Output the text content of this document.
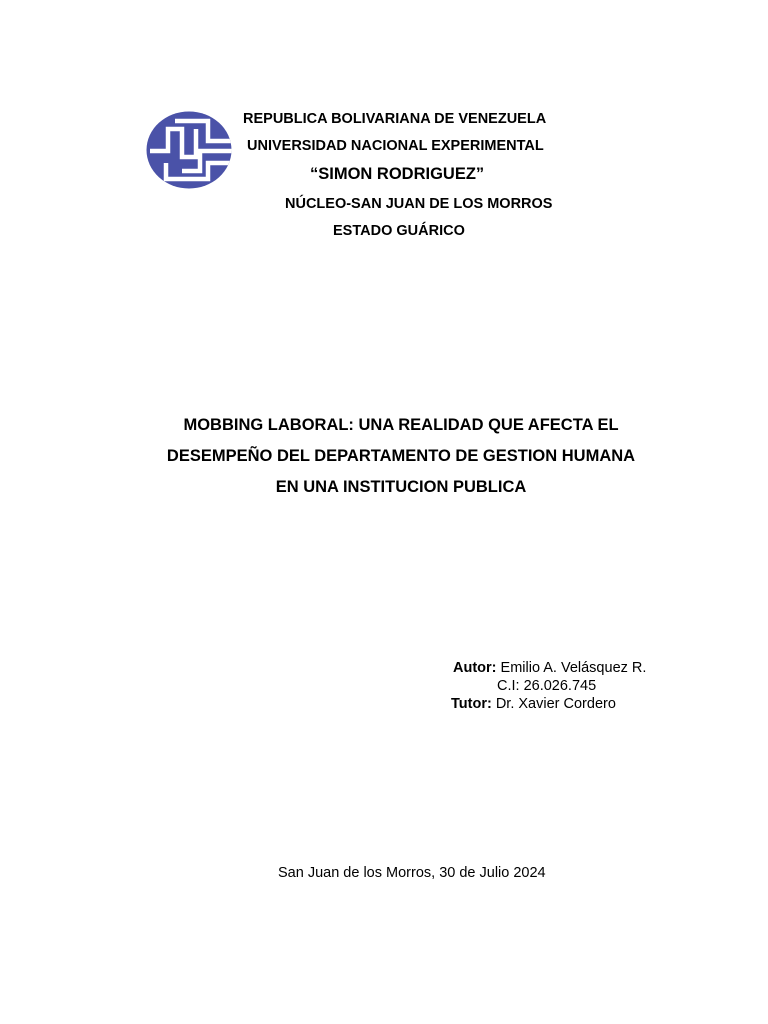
REPUBLICA BOLIVARIANA DE VENEZUELA
UNIVERSIDAD NACIONAL EXPERIMENTAL
“SIMON RODRIGUEZ”
NÚCLEO-SAN JUAN DE LOS MORROS
ESTADO GUÁRICO
MOBBING LABORAL: UNA REALIDAD QUE AFECTA EL
DESEMPEÑO DEL DEPARTAMENTO DE GESTION HUMANA
EN UNA INSTITUCION PUBLICA
Autor: Emilio A. Velásquez R.
C.I: 26.026.745
Tutor: Dr. Xavier Cordero
San Juan de los Morros, 30 de Julio 2024
